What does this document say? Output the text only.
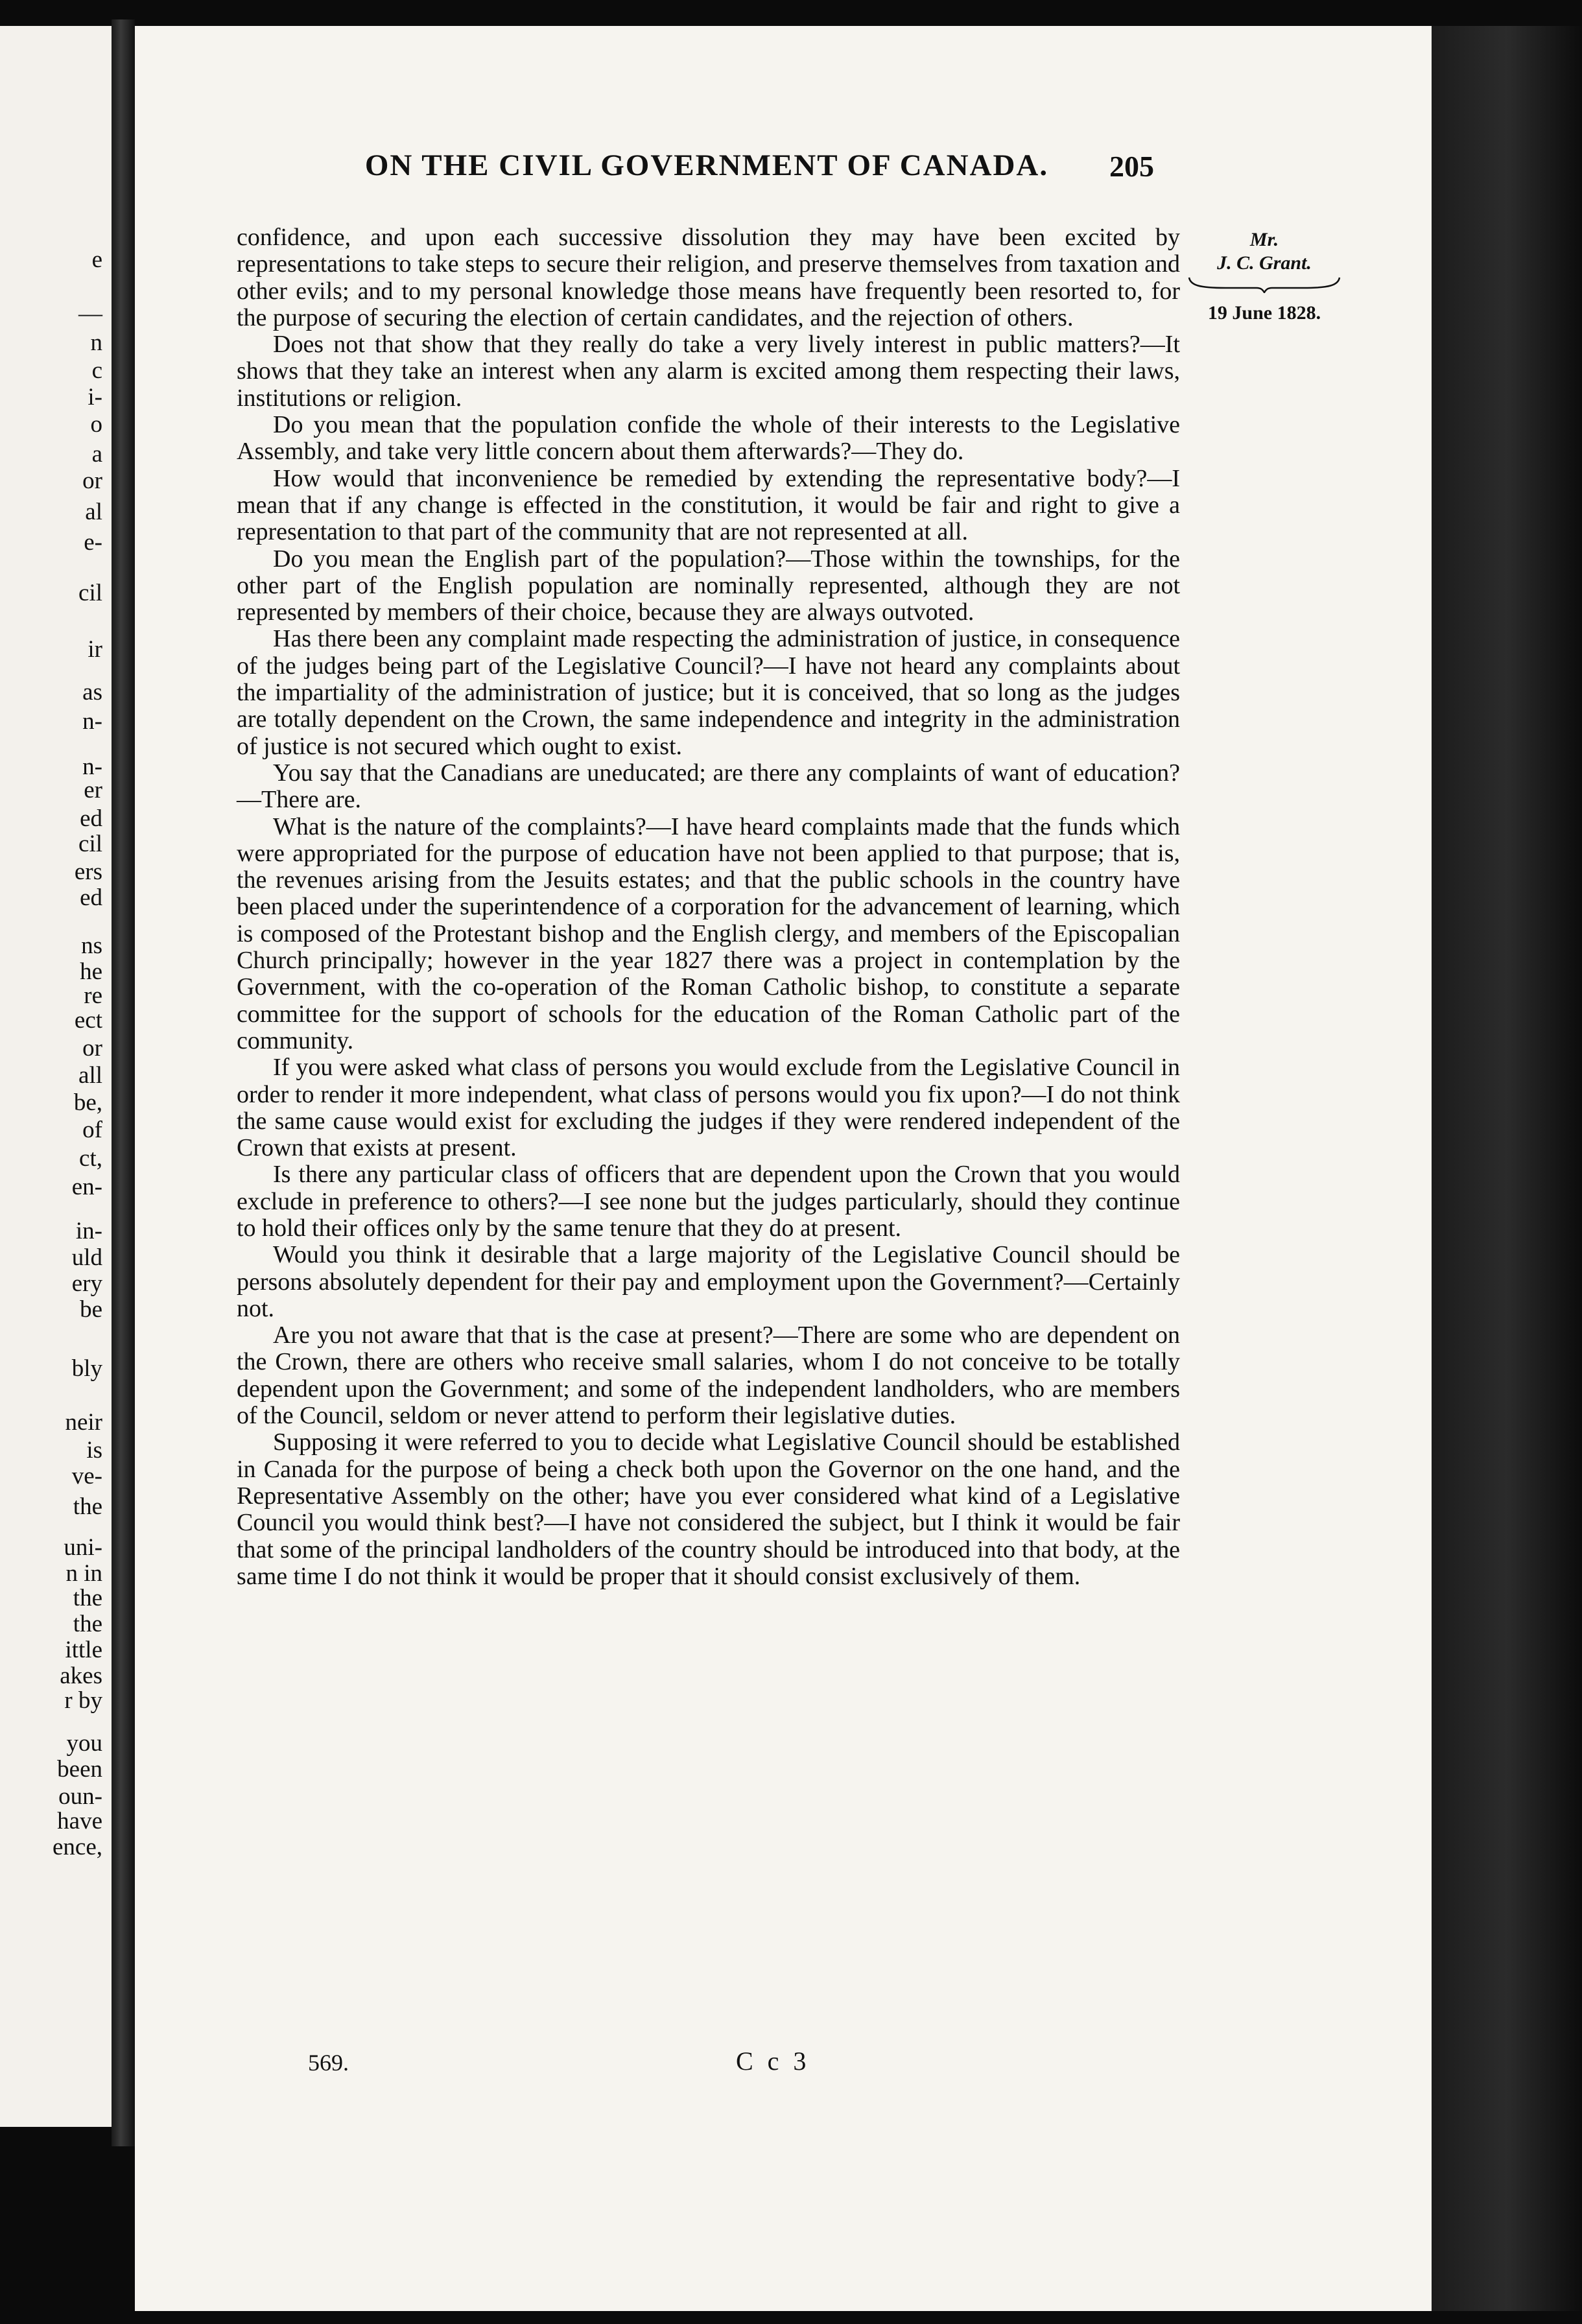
e
—
n
c
i-
o
a
or
al
e-
cil
ir
as
n-
n-
er
ed
cil
ers
ed
ns
he
re
ect
or
all
be,
of
ct,
en-
in-
uld
ery
be
bly
neir
is
ve-
the
uni-
n in
the
the
ittle
akes
r by
you
been
oun-
have
ence,
ON THE CIVIL GOVERNMENT OF CANADA.	205
Mr.
J. C. Grant.
19 June 1828.

confidence, and upon each successive dissolution they may have been excited by representations to take steps to secure their religion, and preserve themselves from taxation and other evils; and to my personal knowledge those means have frequently been resorted to, for the purpose of securing the election of certain candidates, and the rejection of others.

Does not that show that they really do take a very lively interest in public matters?—It shows that they take an interest when any alarm is excited among them respecting their laws, institutions or religion.

Do you mean that the population confide the whole of their interests to the Legislative Assembly, and take very little concern about them afterwards?—They do.

How would that inconvenience be remedied by extending the representative body?—I mean that if any change is effected in the constitution, it would be fair and right to give a representation to that part of the community that are not represented at all.

Do you mean the English part of the population?—Those within the townships, for the other part of the English population are nominally represented, although they are not represented by members of their choice, because they are always outvoted.

Has there been any complaint made respecting the administration of justice, in consequence of the judges being part of the Legislative Council?—I have not heard any complaints about the impartiality of the administration of justice; but it is conceived, that so long as the judges are totally dependent on the Crown, the same independence and integrity in the administration of justice is not secured which ought to exist.

You say that the Canadians are uneducated; are there any complaints of want of education?—There are.

What is the nature of the complaints?—I have heard complaints made that the funds which were appropriated for the purpose of education have not been applied to that purpose; that is, the revenues arising from the Jesuits estates; and that the public schools in the country have been placed under the superintendence of a corporation for the advancement of learning, which is composed of the Protestant bishop and the English clergy, and members of the Episcopalian Church principally; however in the year 1827 there was a project in contemplation by the Government, with the co-operation of the Roman Catholic bishop, to constitute a separate committee for the support of schools for the education of the Roman Catholic part of the community.

If you were asked what class of persons you would exclude from the Legislative Council in order to render it more independent, what class of persons would you fix upon?—I do not think the same cause would exist for excluding the judges if they were rendered independent of the Crown that exists at present.

Is there any particular class of officers that are dependent upon the Crown that you would exclude in preference to others?—I see none but the judges particularly, should they continue to hold their offices only by the same tenure that they do at present.

Would you think it desirable that a large majority of the Legislative Council should be persons absolutely dependent for their pay and employment upon the Government?—Certainly not.

Are you not aware that that is the case at present?—There are some who are dependent on the Crown, there are others who receive small salaries, whom I do not conceive to be totally dependent upon the Government; and some of the independent landholders, who are members of the Council, seldom or never attend to perform their legislative duties.

Supposing it were referred to you to decide what Legislative Council should be established in Canada for the purpose of being a check both upon the Governor on the one hand, and the Representative Assembly on the other; have you ever considered what kind of a Legislative Council you would think best?—I have not considered the subject, but I think it would be fair that some of the principal landholders of the country should be introduced into that body, at the same time I do not think it would be proper that it should consist exclusively of them.

569.	C c 3
